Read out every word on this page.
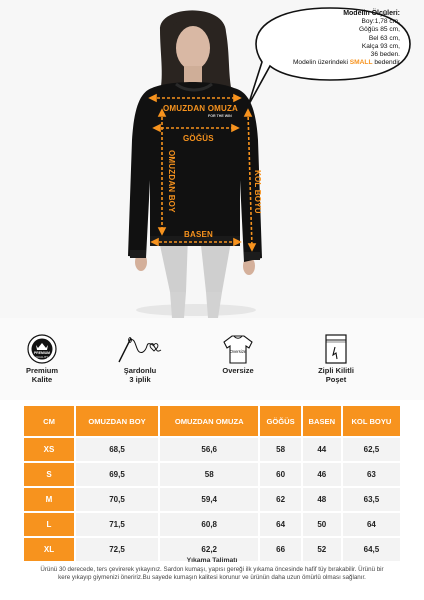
OMUZDAN OMUZA
GÖĞÜS
OMUZDAN BOY	KOL BOYU
BASEN
FOR THE WIN
Modelin Ölçüleri:
Boy:1,78 cm,
Göğüs 85 cm,
Bel 63 cm,
Kalça 93 cm,
36 beden.
Modelin üzerindeki SMALL bedendir
PREMIUM
QUALITY
Premium
Kalite
Şardonlu
3 iplik
Oversize
Oversize	Zipli Kilitli
Poşet
CM	OMUZDAN BOY	OMUZDAN OMUZA	GÖĞÜS	BASEN	KOL BOYU
XS	68,5	56,6	58	44	62,5
S	69,5	58	60	46	63
M	70,5	59,4	62	48	63,5
L	71,5	60,8	64	50	64
XL	72,5	62,2	66	52	64,5
Yıkama Talimatı
Ürünü 30 derecede, ters çevirerek yıkayınız. Sardon kumaşı, yapısı gereği ilk yıkama öncesinde hafif tüy bırakabilir. Ürünü bir kere yıkayıp giymenizi öneririz.Bu sayede kumaşın kalitesi korunur ve ürünün daha uzun ömürlü olması sağlanır.
